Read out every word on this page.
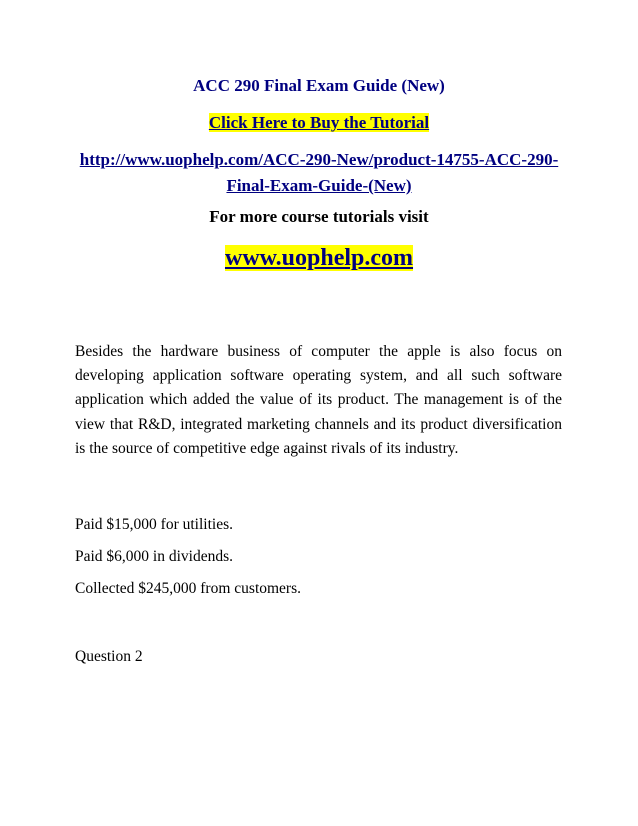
ACC 290 Final Exam Guide (New)
Click Here to Buy the Tutorial
http://www.uophelp.com/ACC-290-New/product-14755-ACC-290-Final-Exam-Guide-(New)
For more course tutorials visit
www.uophelp.com
Besides the hardware business of computer the apple is also focus on developing application software operating system, and all such software application which added the value of its product. The management is of the view that R&D, integrated marketing channels and its product diversification is the source of competitive edge against rivals of its industry.
Paid $15,000 for utilities.
Paid $6,000 in dividends.
Collected $245,000 from customers.
Question 2
